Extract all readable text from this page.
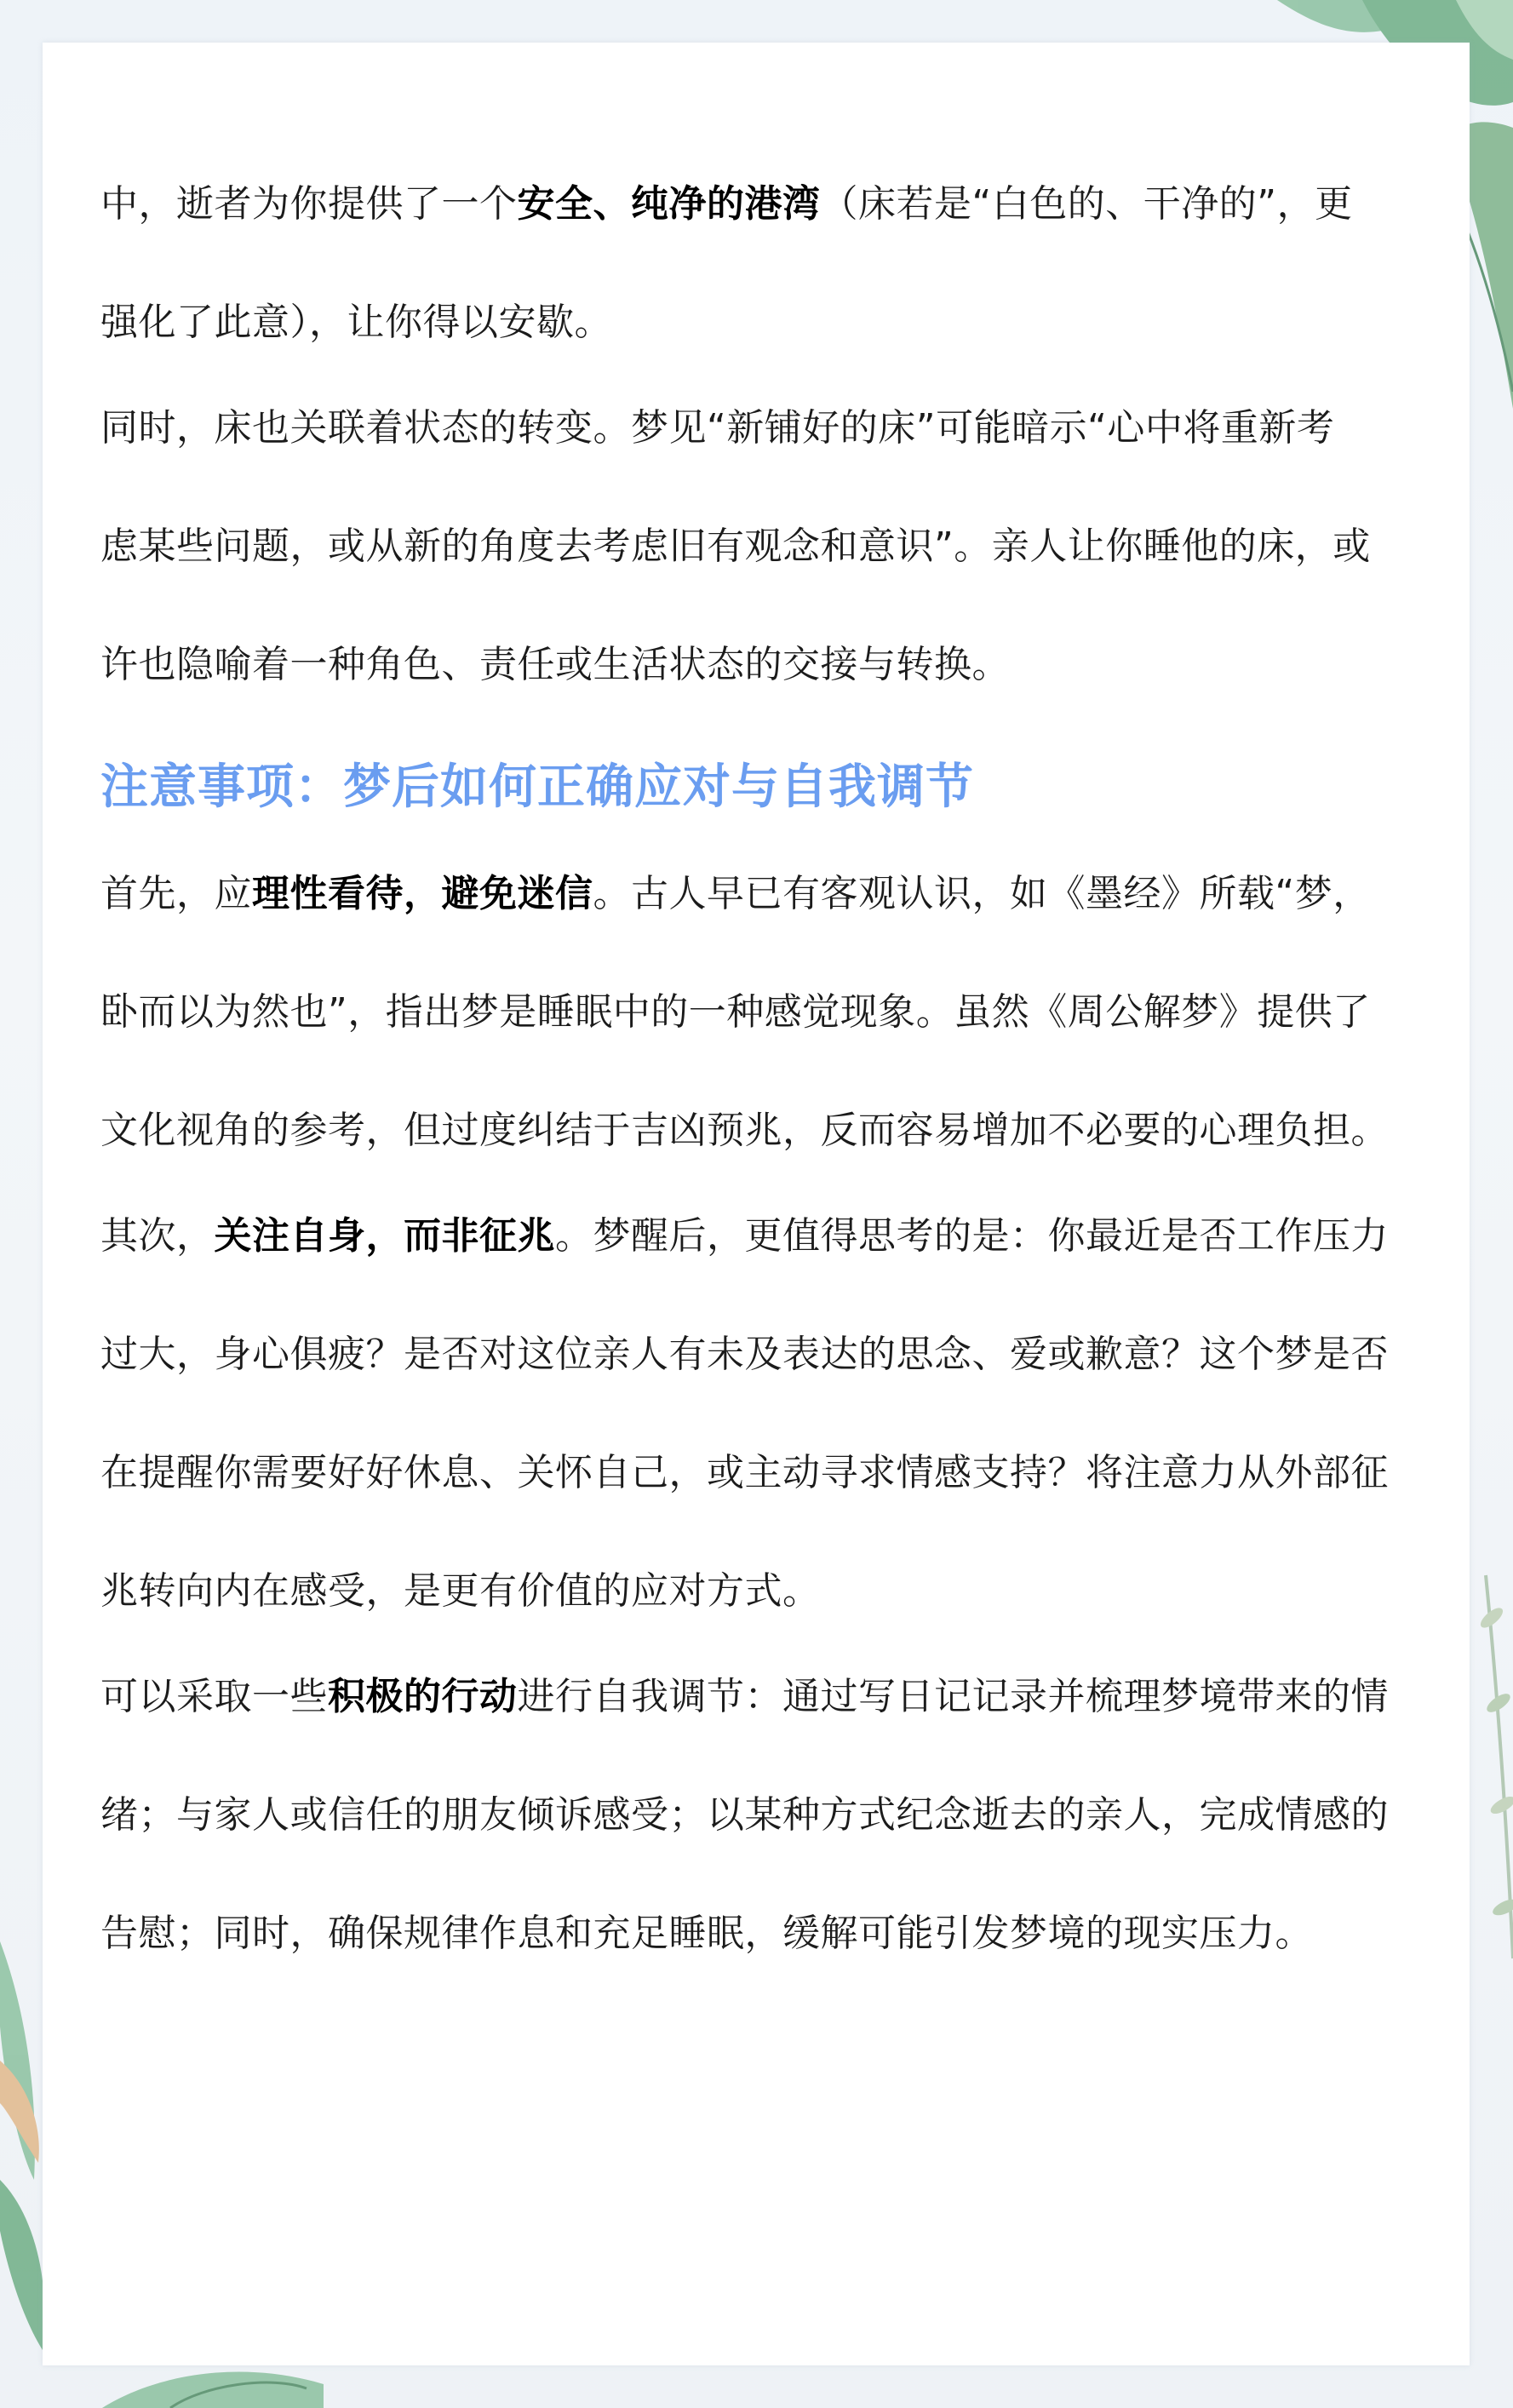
中，逝者为你提供了一个安全、纯净的港湾（床若是“白色的、干净的”，更
强化了此意），让你得以安歇。

同时，床也关联着状态的转变。梦见“新铺好的床”可能暗示“心中将重新考
虑某些问题，或从新的角度去考虑旧有观念和意识”。亲人让你睡他的床，或
许也隐喻着一种角色、责任或生活状态的交接与转换。

注意事项：梦后如何正确应对与自我调节

首先，应理性看待，避免迷信。古人早已有客观认识，如《墨经》所载“梦，
卧而以为然也”，指出梦是睡眠中的一种感觉现象。虽然《周公解梦》提供了
文化视角的参考，但过度纠结于吉凶预兆，反而容易增加不必要的心理负担。

其次，关注自身，而非征兆。梦醒后，更值得思考的是：你最近是否工作压力
过大，身心俱疲？是否对这位亲人有未及表达的思念、爱或歉意？这个梦是否
在提醒你需要好好休息、关怀自己，或主动寻求情感支持？将注意力从外部征
兆转向内在感受，是更有价值的应对方式。

可以采取一些积极的行动进行自我调节：通过写日记记录并梳理梦境带来的情
绪；与家人或信任的朋友倾诉感受；以某种方式纪念逝去的亲人，完成情感的
告慰；同时，确保规律作息和充足睡眠，缓解可能引发梦境的现实压力。
